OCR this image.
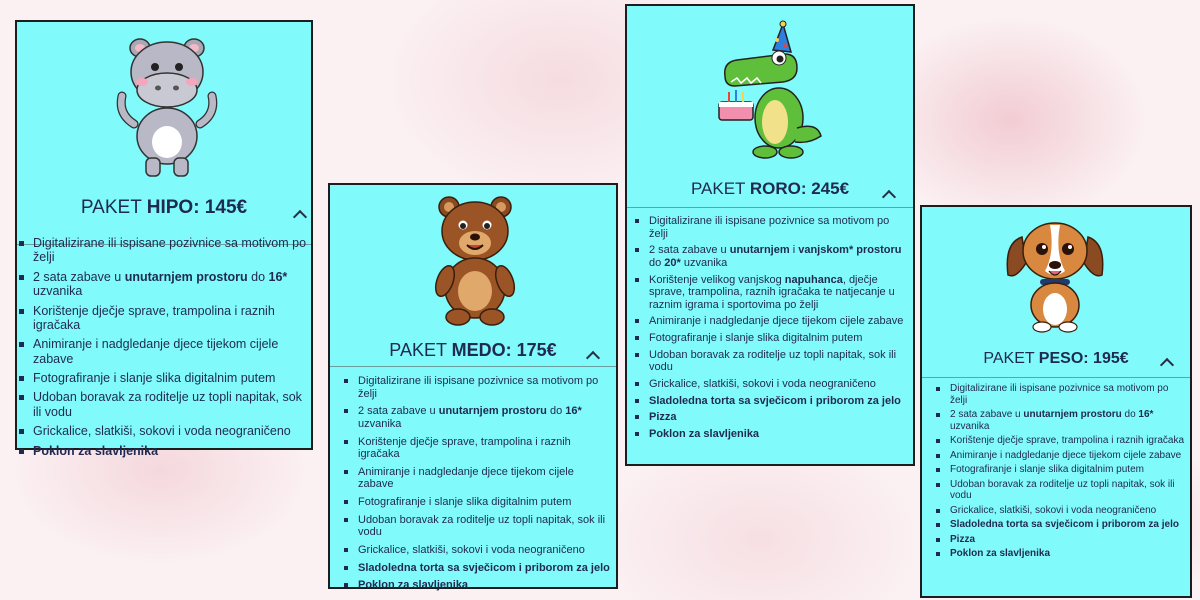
PAKET HIPO: 145€
Digitalizirane ili ispisane pozivnice sa motivom po želji
2 sata zabave u unutarnjem prostoru do 16* uzvanika
Korištenje dječje sprave, trampolina i raznih igračaka
Animiranje i nadgledanje djece tijekom cijele zabave
Fotografiranje i slanje slika digitalnim putem
Udoban boravak za roditelje uz topli napitak, sok ili vodu
Grickalice, slatkiši, sokovi i voda neograničeno
Poklon za slavljenika
PAKET MEDO: 175€
Digitalizirane ili ispisane pozivnice sa motivom po želji
2 sata zabave u unutarnjem prostoru do 16* uzvanika
Korištenje dječje sprave, trampolina i raznih igračaka
Animiranje i nadgledanje djece tijekom cijele zabave
Fotografiranje i slanje slika digitalnim putem
Udoban boravak za roditelje uz topli napitak, sok ili vodu
Grickalice, slatkiši, sokovi i voda neograničeno
Sladoledna torta sa svječicom i priborom za jelo
Poklon za slavljenika
PAKET RORO: 245€
Digitalizirane ili ispisane pozivnice sa motivom po želji
2 sata zabave u unutarnjem i vanjskom* prostoru do 20* uzvanika
Korištenje velikog vanjskog napuhanca, dječje sprave, trampolina, raznih igračaka te natjecanje u raznim igrama i sportovima po želji
Animiranje i nadgledanje djece tijekom cijele zabave
Fotografiranje i slanje slika digitalnim putem
Udoban boravak za roditelje uz topli napitak, sok ili vodu
Grickalice, slatkiši, sokovi i voda neograničeno
Sladoledna torta sa svječicom i priborom za jelo
Pizza
Poklon za slavljenika
PAKET PESO: 195€
Digitalizirane ili ispisane pozivnice sa motivom po želji
2 sata zabave u unutarnjem prostoru do 16* uzvanika
Korištenje dječje sprave, trampolina i raznih igračaka
Animiranje i nadgledanje djece tijekom cijele zabave
Fotografiranje i slanje slika digitalnim putem
Udoban boravak za roditelje uz topli napitak, sok ili vodu
Grickalice, slatkiši, sokovi i voda neograničeno
Sladoledna torta sa svječicom i priborom za jelo
Pizza
Poklon za slavljenika
